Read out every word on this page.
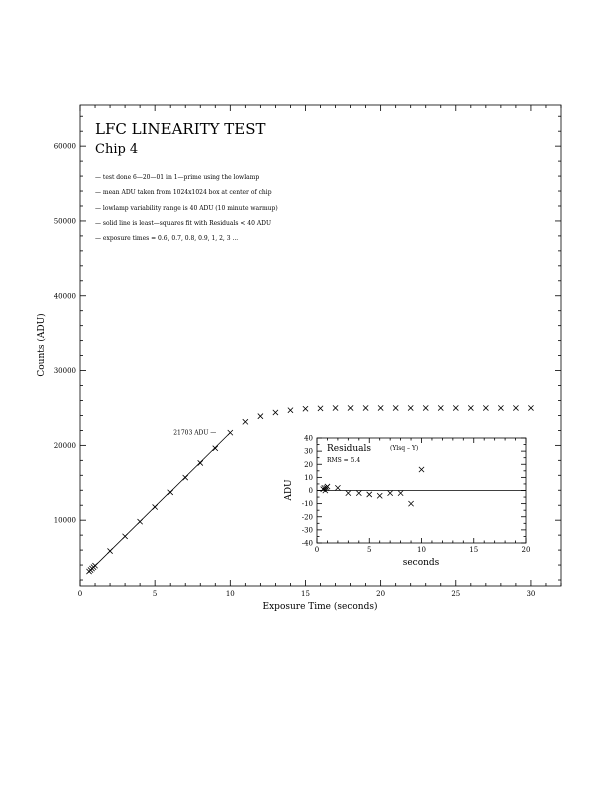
0	5	10	15	20	25	30
10000
20000
30000
40000
50000
60000
LFC LINEARITY TEST
Chip 4
— test done 6—20—01 in 1—prime using the lowlamp
— mean ADU taken from 1024x1024 box at center of chip
— lowlamp variability range is 40 ADU (10 minute warmup)
— solid line is least—squares fit with Residuals < 40 ADU
— exposure times = 0.6, 0.7, 0.8, 0.9, 1, 2, 3 ...
21703 ADU —
Exposure Time (seconds)
Counts (ADU)
0	5	10	15	20
-40
-30
-20
-10
0
10
20
30
40
Residuals	(Ylsq – Y)
RMS = 5.4
seconds
ADU
